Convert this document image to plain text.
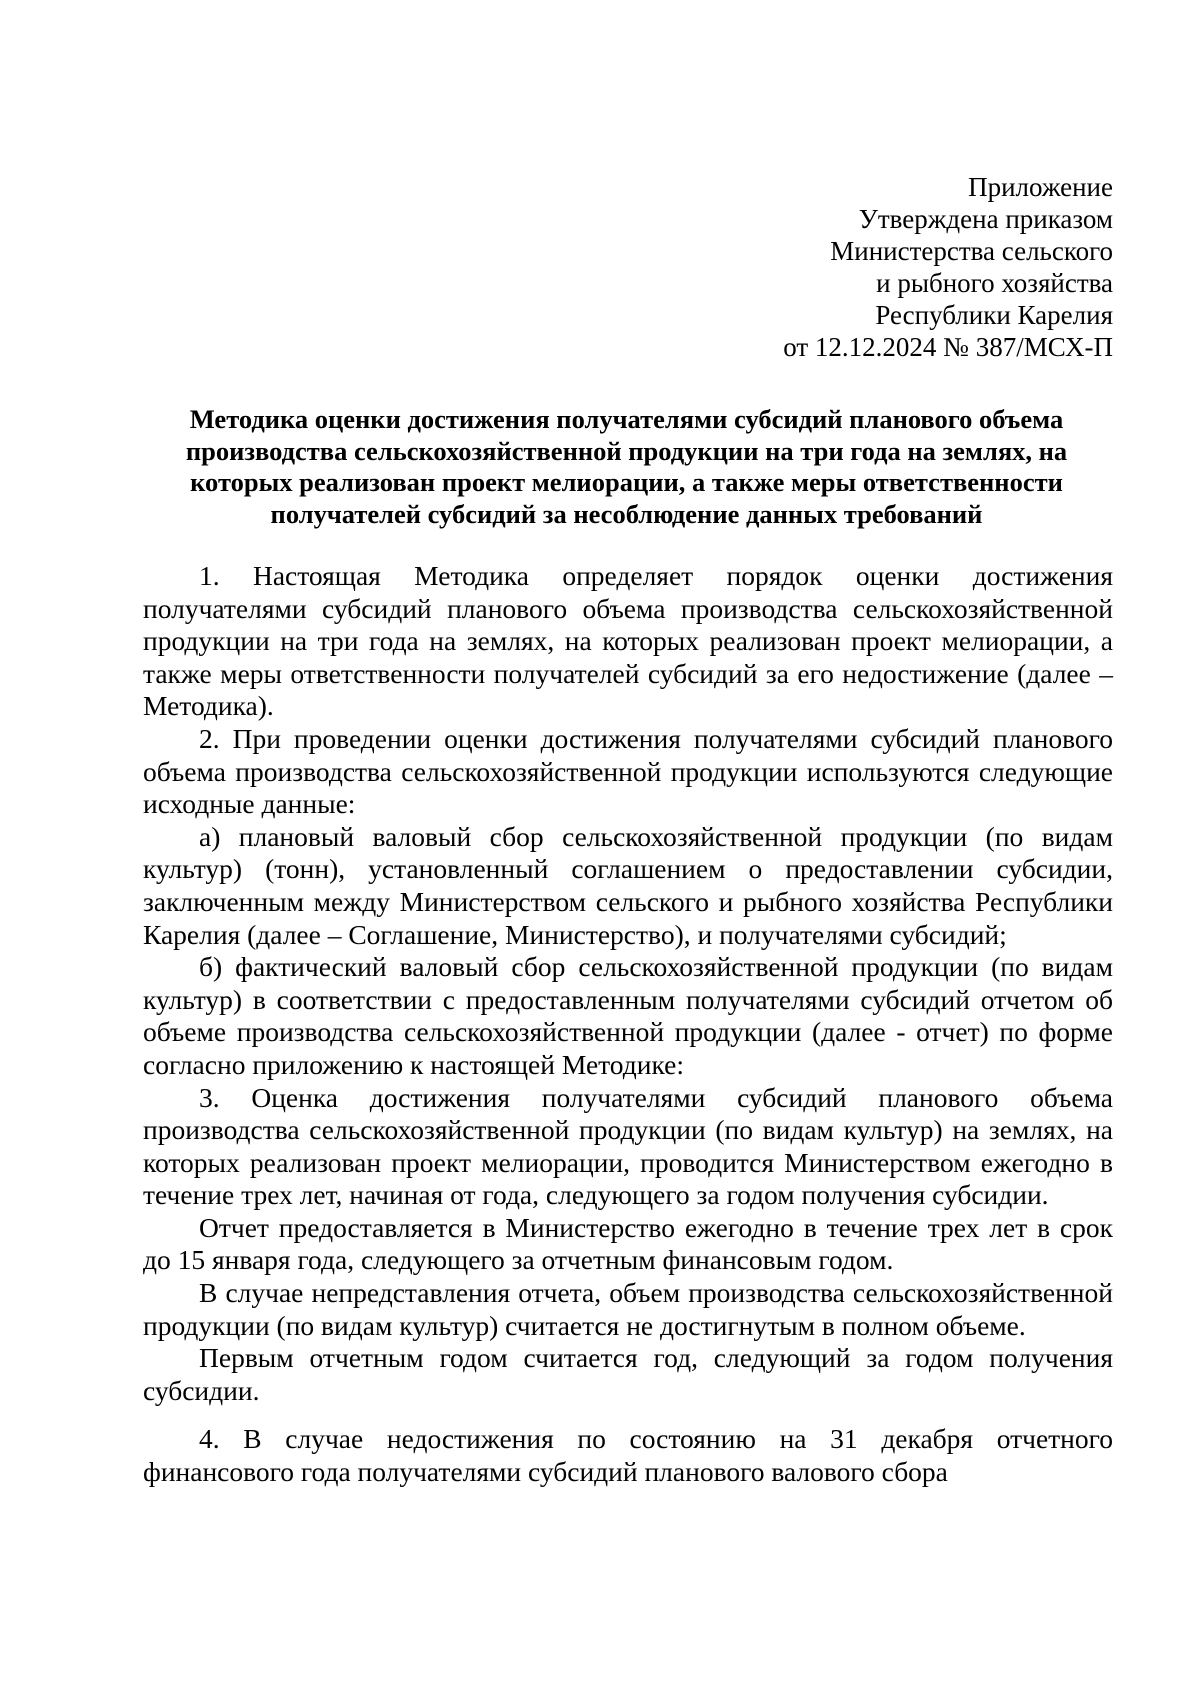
Приложение
Утверждена приказом
Министерства сельского
и рыбного хозяйства
Республики Карелия
от 12.12.2024 № 387/МСХ-П
Методика оценки достижения получателями субсидий планового объема
производства сельскохозяйственной продукции на три года на землях, на
которых реализован проект мелиорации, а также меры ответственности
получателей субсидий за несоблюдение данных требований

1. Настоящая Методика определяет порядок оценки достижения получателями субсидий планового объема производства сельскохозяйственной продукции на три года на землях, на которых реализован проект мелиорации, а также меры ответственности получателей субсидий за его недостижение (далее – Методика).

2. При проведении оценки достижения получателями субсидий планового объема производства сельскохозяйственной продукции используются следующие исходные данные:

а) плановый валовый сбор сельскохозяйственной продукции (по видам культур) (тонн), установленный соглашением о предоставлении субсидии, заключенным между Министерством сельского и рыбного хозяйства Республики Карелия (далее – Соглашение, Министерство), и получателями субсидий;

б) фактический валовый сбор сельскохозяйственной продукции (по видам культур) в соответствии с предоставленным получателями субсидий отчетом об объеме производства сельскохозяйственной продукции (далее - отчет) по форме согласно приложению к настоящей Методике:

3. Оценка достижения получателями субсидий планового объема производства сельскохозяйственной продукции (по видам культур) на землях, на которых реализован проект мелиорации, проводится Министерством ежегодно в течение трех лет, начиная от года, следующего за годом получения субсидии.

Отчет предоставляется в Министерство ежегодно в течение трех лет в срок до 15 января года, следующего за отчетным финансовым годом.

В случае непредставления отчета, объем производства сельскохозяйственной продукции (по видам культур) считается не достигнутым в полном объеме.

Первым отчетным годом считается год, следующий за годом получения субсидии.

4. В случае недостижения по состоянию на 31 декабря отчетного финансового года получателями субсидий планового валового сбора
